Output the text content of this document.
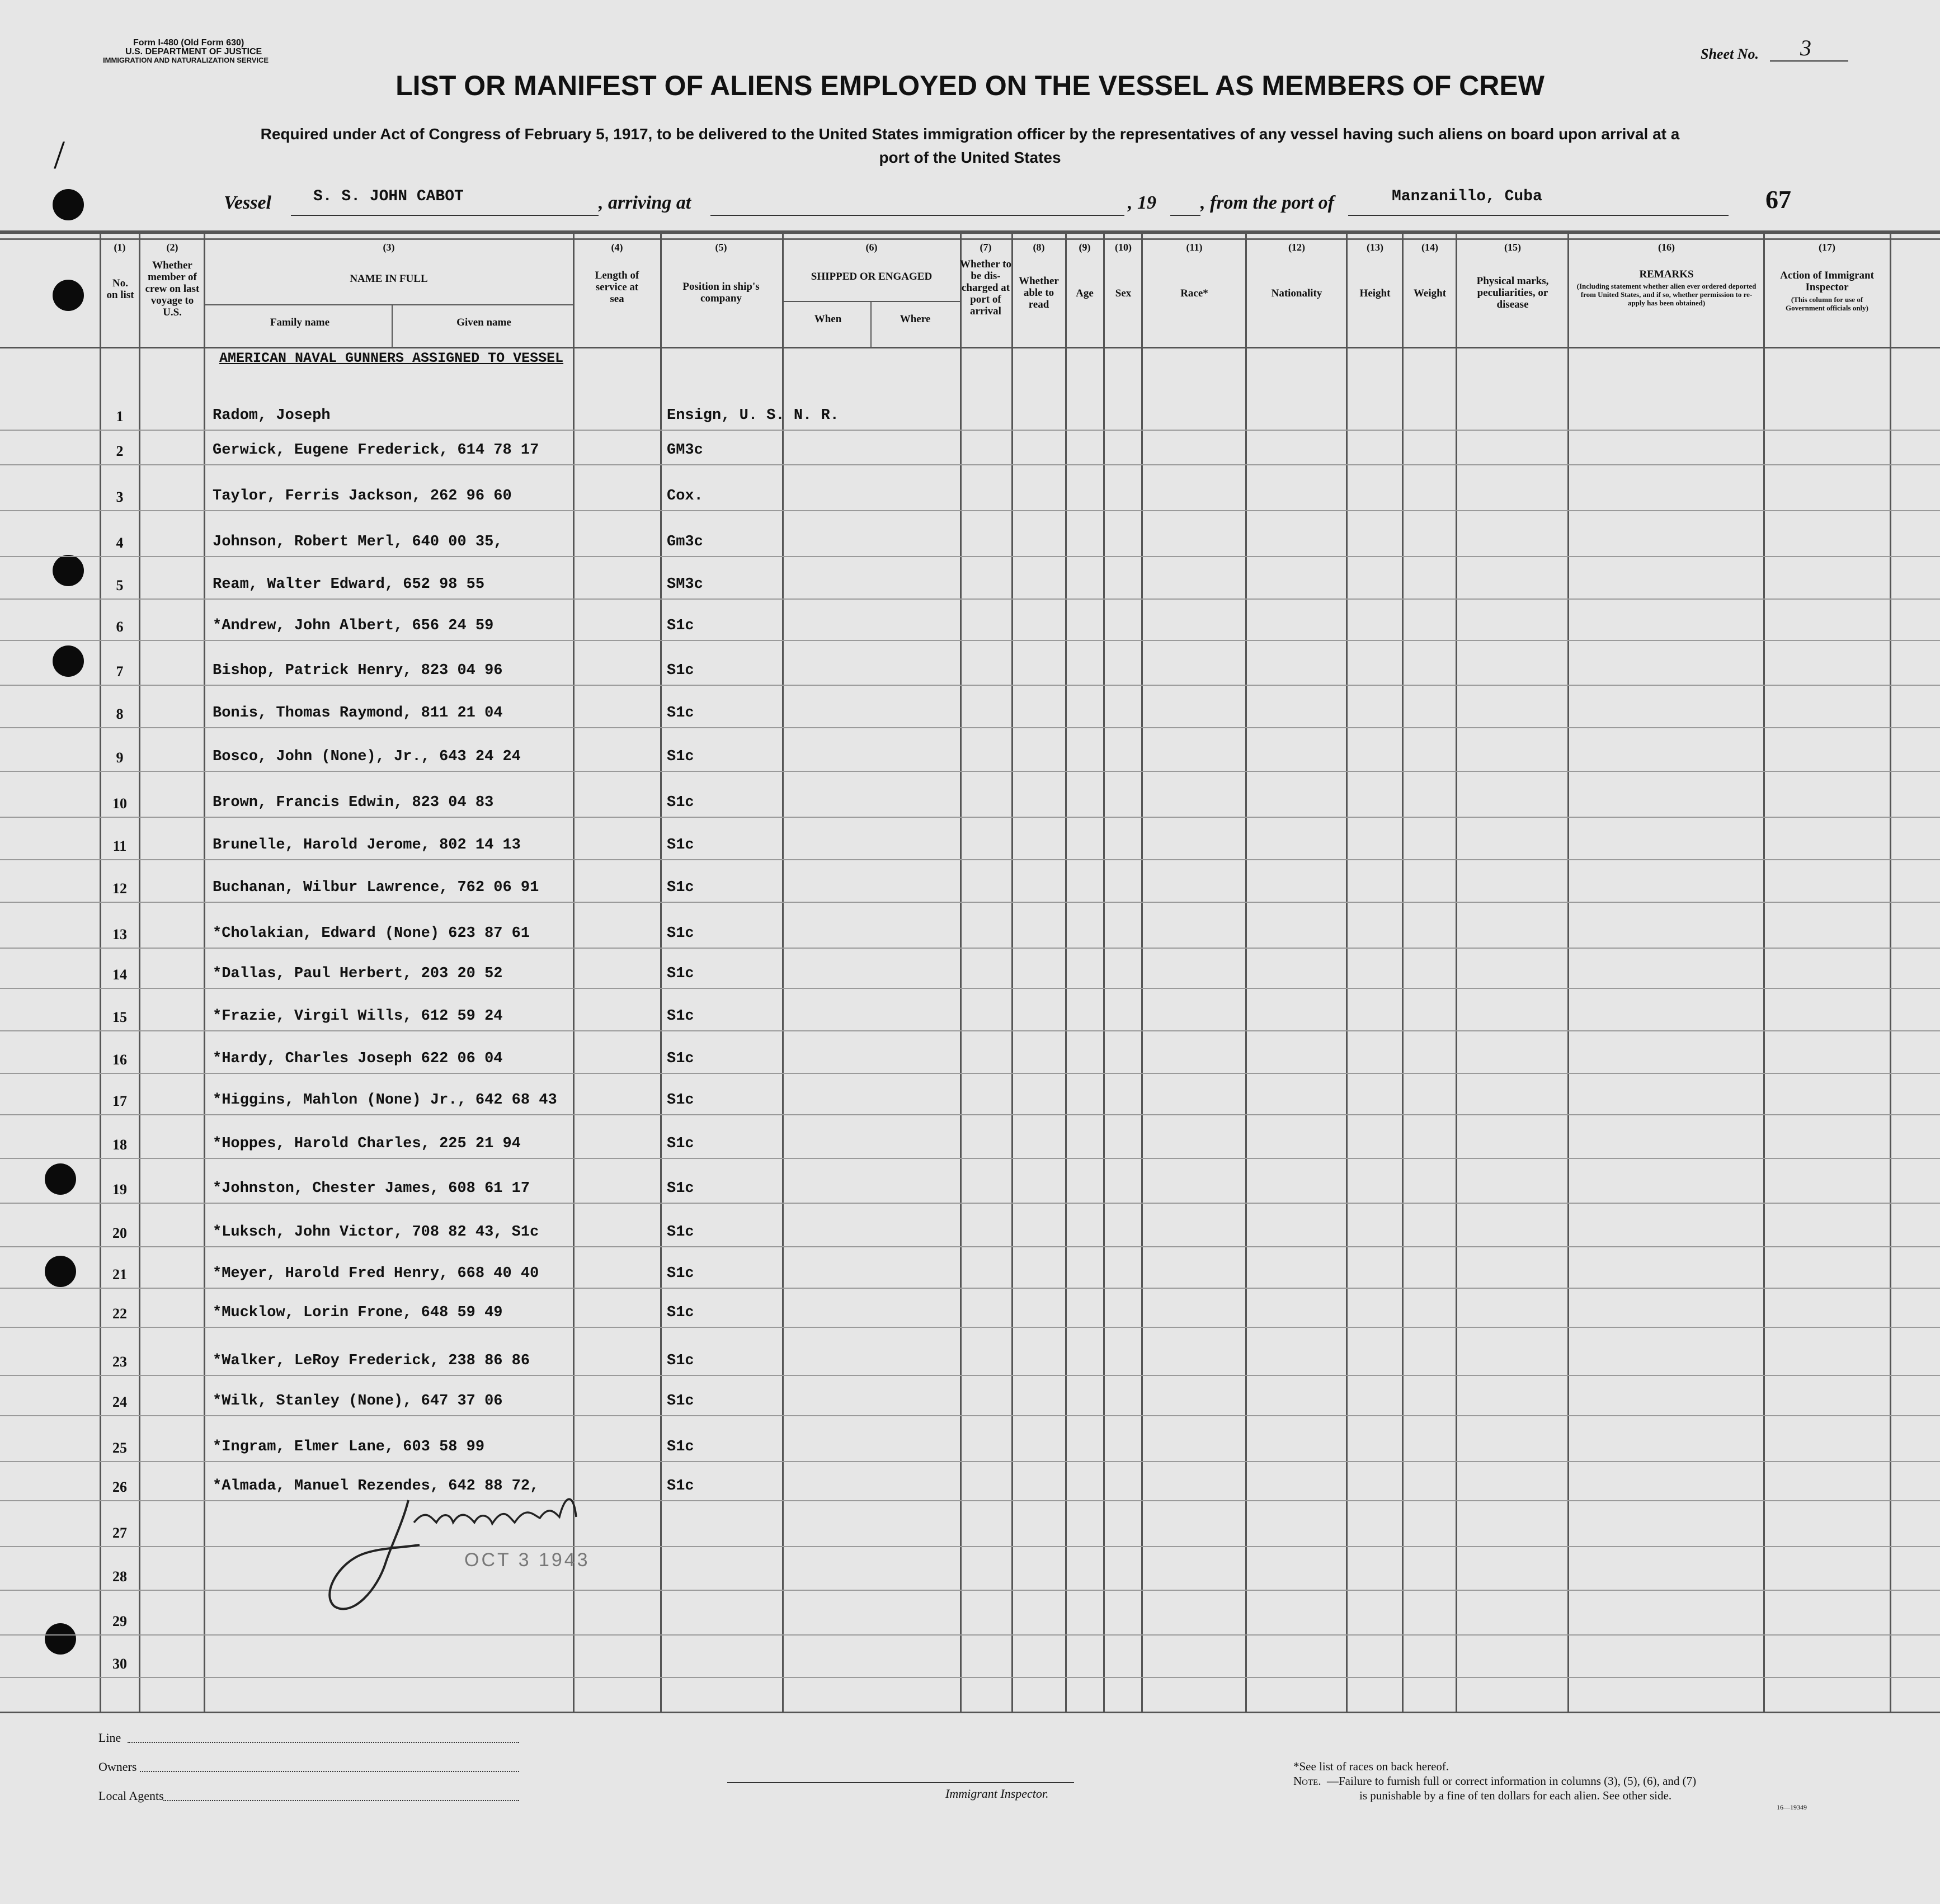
/
Form I-480 (Old Form 630)
U.S. DEPARTMENT OF JUSTICE
IMMIGRATION AND NATURALIZATION SERVICE	Sheet No. 3
LIST OR MANIFEST OF ALIENS EMPLOYED ON THE VESSEL AS MEMBERS OF CREW
Required under Act of Congress of February 5, 1917, to be delivered to the United States immigration officer by the representatives of any vessel having such aliens on board upon arrival at a
port of the United States
Vessel	S. S. JOHN CABOT	, arriving at	, 19 , from the port of	Manzanillo, Cuba	67
(1)
No. on list
(2)
Whether member of crew on last voyage to U.S.
(3)
NAME IN FULL
Family name	Given name
(4)
Length of service at sea
(5)
Position in ship's company
(6)
SHIPPED OR ENGAGED
When	Where
(7)
Whether to be dis-charged at port of arrival
(8)
Whether able to read
(9)
Age
(10)
Sex
(11)
Race*
(12)
Nationality
(13)
Height
(14)
Weight
(15)
Physical marks, peculiarities, or disease
(16)
REMARKS
(Including statement whether alien ever ordered deported from United States, and if so, whether permission to re-apply has been obtained)
(17)
Action of Immigrant Inspector
(This column for use of Government officials only)
AMERICAN NAVAL GUNNERS ASSIGNED TO VESSEL
1	Radom, Joseph	Ensign, U. S. N. R.
2	Gerwick, Eugene Frederick, 614 78 17	GM3c
3	Taylor, Ferris Jackson, 262 96 60	Cox.
4	Johnson, Robert Merl, 640 00 35,	Gm3c
5	Ream, Walter Edward, 652 98 55	SM3c
6	*Andrew, John Albert, 656 24 59	S1c
7	Bishop, Patrick Henry, 823 04 96	S1c
8	Bonis, Thomas Raymond, 811 21 04	S1c
9	Bosco, John (None), Jr., 643 24 24	S1c
10	Brown, Francis Edwin, 823 04 83	S1c
11	Brunelle, Harold Jerome, 802 14 13	S1c
12	Buchanan, Wilbur Lawrence, 762 06 91	S1c
13	*Cholakian, Edward (None) 623 87 61	S1c
14	*Dallas, Paul Herbert, 203 20 52	S1c
15	*Frazie, Virgil Wills, 612 59 24	S1c
16	*Hardy, Charles Joseph 622 06 04	S1c
17	*Higgins, Mahlon (None) Jr., 642 68 43	S1c
18	*Hoppes, Harold Charles, 225 21 94	S1c
19	*Johnston, Chester James, 608 61 17	S1c
20	*Luksch, John Victor, 708 82 43, S1c	S1c
21	*Meyer, Harold Fred Henry, 668 40 40	S1c
22	*Mucklow, Lorin Frone, 648 59 49	S1c
23	*Walker, LeRoy Frederick, 238 86 86	S1c
24	*Wilk, Stanley (None), 647 37 06	S1c
25	*Ingram, Elmer Lane, 603 58 99	S1c
26	*Almada, Manuel Rezendes, 642 88 72,	S1c
27
28
29
30
OCT 3 1943
Line
Owners
Local Agents	Immigrant Inspector.
*See list of races on back hereof.
Note. —Failure to furnish full or correct information in columns (3), (5), (6), and (7)
is punishable by a fine of ten dollars for each alien. See other side.
16—19349
